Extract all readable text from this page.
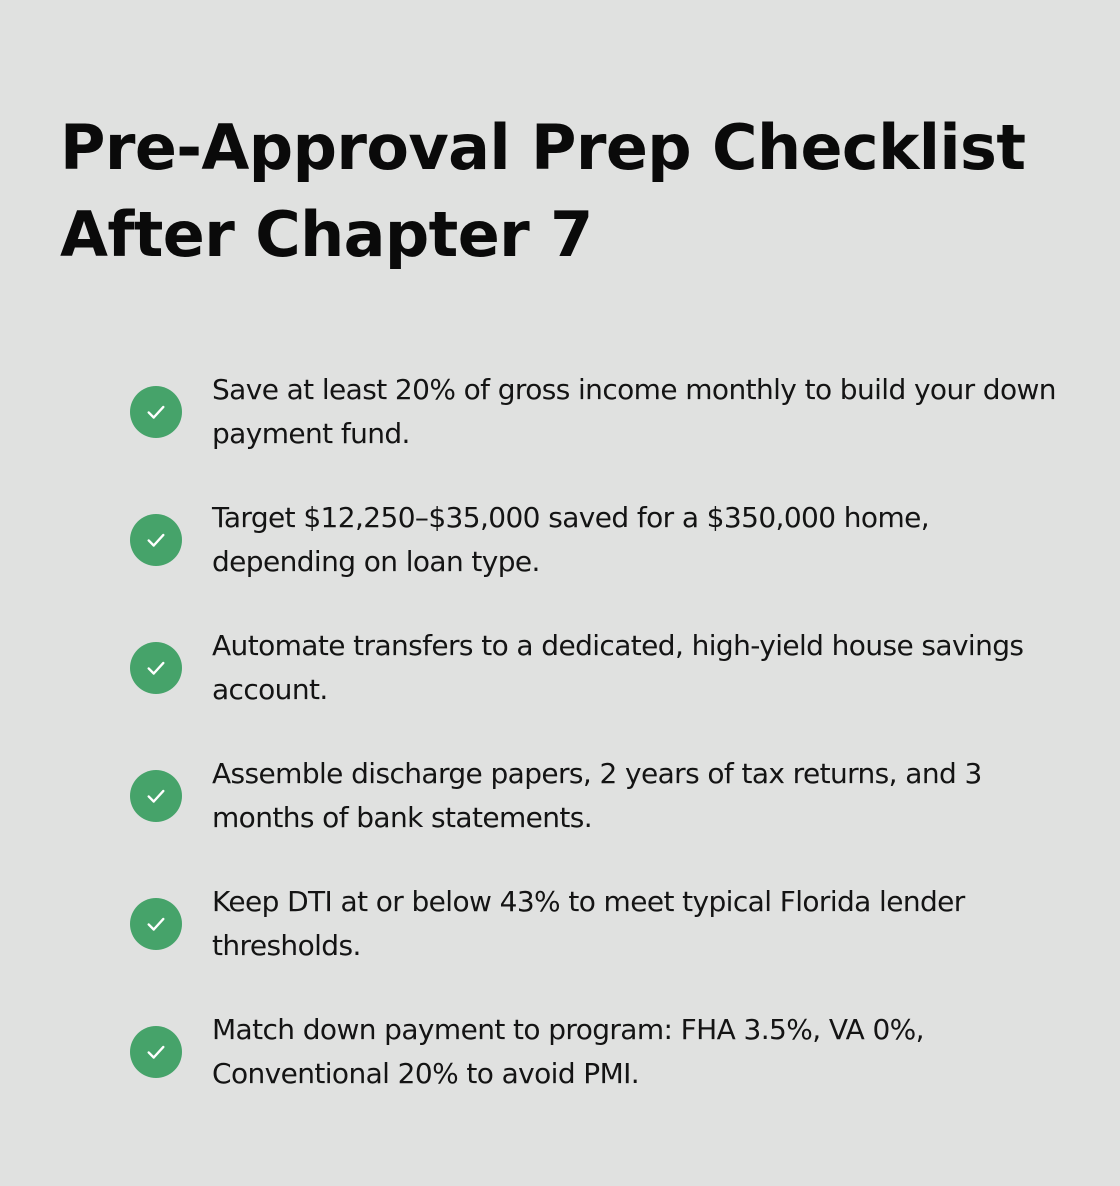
Pre-Approval Prep Checklist After Chapter 7
Save at least 20% of gross income monthly to build your down payment fund.
Target $12,250–$35,000 saved for a $350,000 home, depending on loan type.
Automate transfers to a dedicated, high-yield house savings account.
Assemble discharge papers, 2 years of tax returns, and 3 months of bank statements.
Keep DTI at or below 43% to meet typical Florida lender thresholds.
Match down payment to program: FHA 3.5%, VA 0%, Conventional 20% to avoid PMI.
